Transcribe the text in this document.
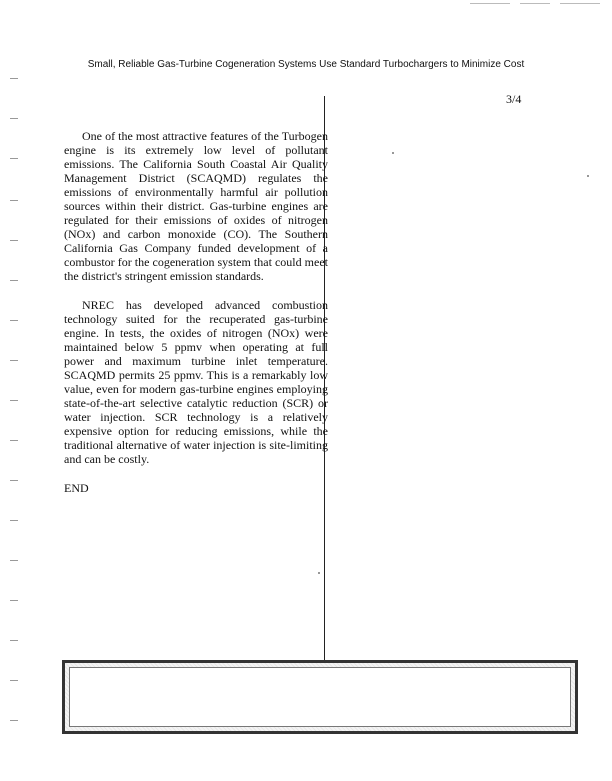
Small, Reliable Gas-Turbine Cogeneration Systems Use Standard Turbochargers to Minimize Cost
3/4

One of the most attractive features of the Turbogen engine is its extremely low level of pollutant emissions. The California South Coastal Air Quality Management District (SCAQMD) regulates the emissions of environmentally harmful air pollution sources within their district. Gas-turbine engines are regulated for their emissions of oxides of nitrogen (NOx) and carbon monoxide (CO). The Southern California Gas Company funded development of a combustor for the cogeneration system that could meet the district's stringent emission standards.

NREC has developed advanced combustion technology suited for the recuperated gas-turbine engine. In tests, the oxides of nitrogen (NOx) were maintained below 5 ppmv when operating at full power and maximum turbine inlet temperature. SCAQMD permits 25 ppmv. This is a remarkably low value, even for modern gas-turbine engines employing state-of-the-art selective catalytic reduction (SCR) or water injection. SCR technology is a relatively expensive option for reducing emissions, while the traditional alternative of water injection is site-limiting and can be costly.

END
